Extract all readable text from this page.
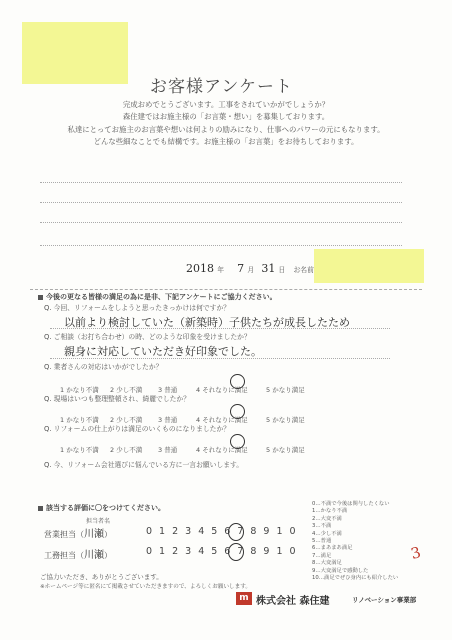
お客様アンケート
完成おめでとうございます。工事をされていかがでしょうか？
森住建ではお施主様の「お言葉・想い」を募集しております。
私達にとってお施主のお言葉や想いは何よりの励みになり、仕事へのパワーの元にもなります。
どんな些細なことでも結構です。お施主様の「お言葉」をお待ちしております。
2018 年 7 月 31 日 お名前
今後の更なる皆様の満足の為に是非、下記アンケートにご協力ください。
Q. 今回、リフォームをしようと思ったきっかけは何ですか？
以前より検討していた（新築時）子供たちが成長したため
Q. ご相談（お打ち合わせ）の時、どのような印象を受けましたか？
親身に対応していただき好印象でした。
Q. 業者さんの対応はいかがでしたか？
1 かなり不満 2 少し不満 3 普通	4 それなりに満足	5 かなり満足
Q. 現場はいつも整理整頓され、綺麗でしたか？
1 かなり不満 2 少し不満 3 普通	4 それなりに満足	5 かなり満足
Q. リフォームの仕上がりは満足のいくものになりましたか？
1 かなり不満 2 少し不満 3 普通	4 それなりに満足	5 かなり満足
Q. 今、リフォーム会社選びに悩んでいる方に一言お願いします。
該当する評価に〇をつけてください。
担当者名
営業担当（川瀬）	012345678910
工務担当（川瀬）	012345678910
0…不満で今後は関与したくない
1…かなり不満
2…大変不満
3…不満
4…少し不満
5…普通
6…まあまあ満足
7…満足
8…大変満足
9…大変満足で感動した
10…満足でぜひ身内にも紹介したい
3
ご協力いただき、ありがとうございます。
※ホームページ等に匿名にて掲載させていただきますので、よろしくお願いします。
m 株式会社 森住建	リノベーション事業部
